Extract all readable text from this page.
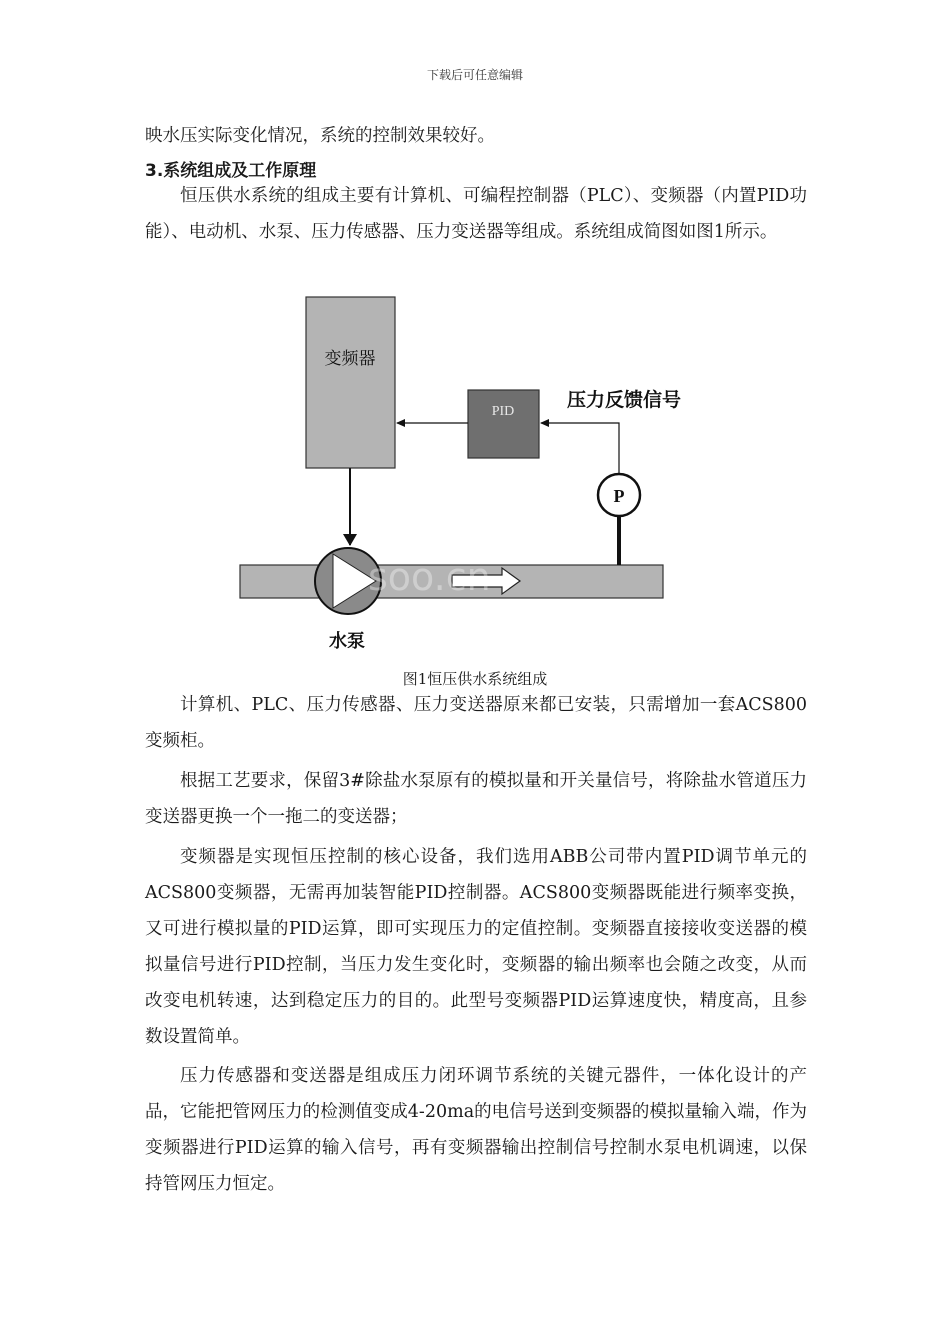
下载后可任意编辑

映水压实际变化情况，系统的控制效果较好。

3.系统组成及工作原理

恒压供水系统的组成主要有计算机、可编程控制器（PLC）、变频器（内置PID功能）、电动机、水泵、压力传感器、压力变送器等组成。系统组成简图如图1所示。

变频器
PID
压力反馈信号
P
soo.cn
水泵
图1恒压供水系统组成

计算机、PLC、压力传感器、压力变送器原来都已安装，只需增加一套ACS800变频柜。

根据工艺要求，保留3#除盐水泵原有的模拟量和开关量信号，将除盐水管道压力变送器更换一个一拖二的变送器；

变频器是实现恒压控制的核心设备，我们选用ABB公司带内置PID调节单元的ACS800变频器，无需再加装智能PID控制器。ACS800变频器既能进行频率变换，又可进行模拟量的PID运算，即可实现压力的定值控制。变频器直接接收变送器的模拟量信号进行PID控制，当压力发生变化时，变频器的输出频率也会随之改变，从而改变电机转速，达到稳定压力的目的。此型号变频器PID运算速度快，精度高，且参数设置简单。

压力传感器和变送器是组成压力闭环调节系统的关键元器件，一体化设计的产品，它能把管网压力的检测值变成4-20ma的电信号送到变频器的模拟量输入端，作为变频器进行PID运算的输入信号，再有变频器输出控制信号控制水泵电机调速，以保持管网压力恒定。
